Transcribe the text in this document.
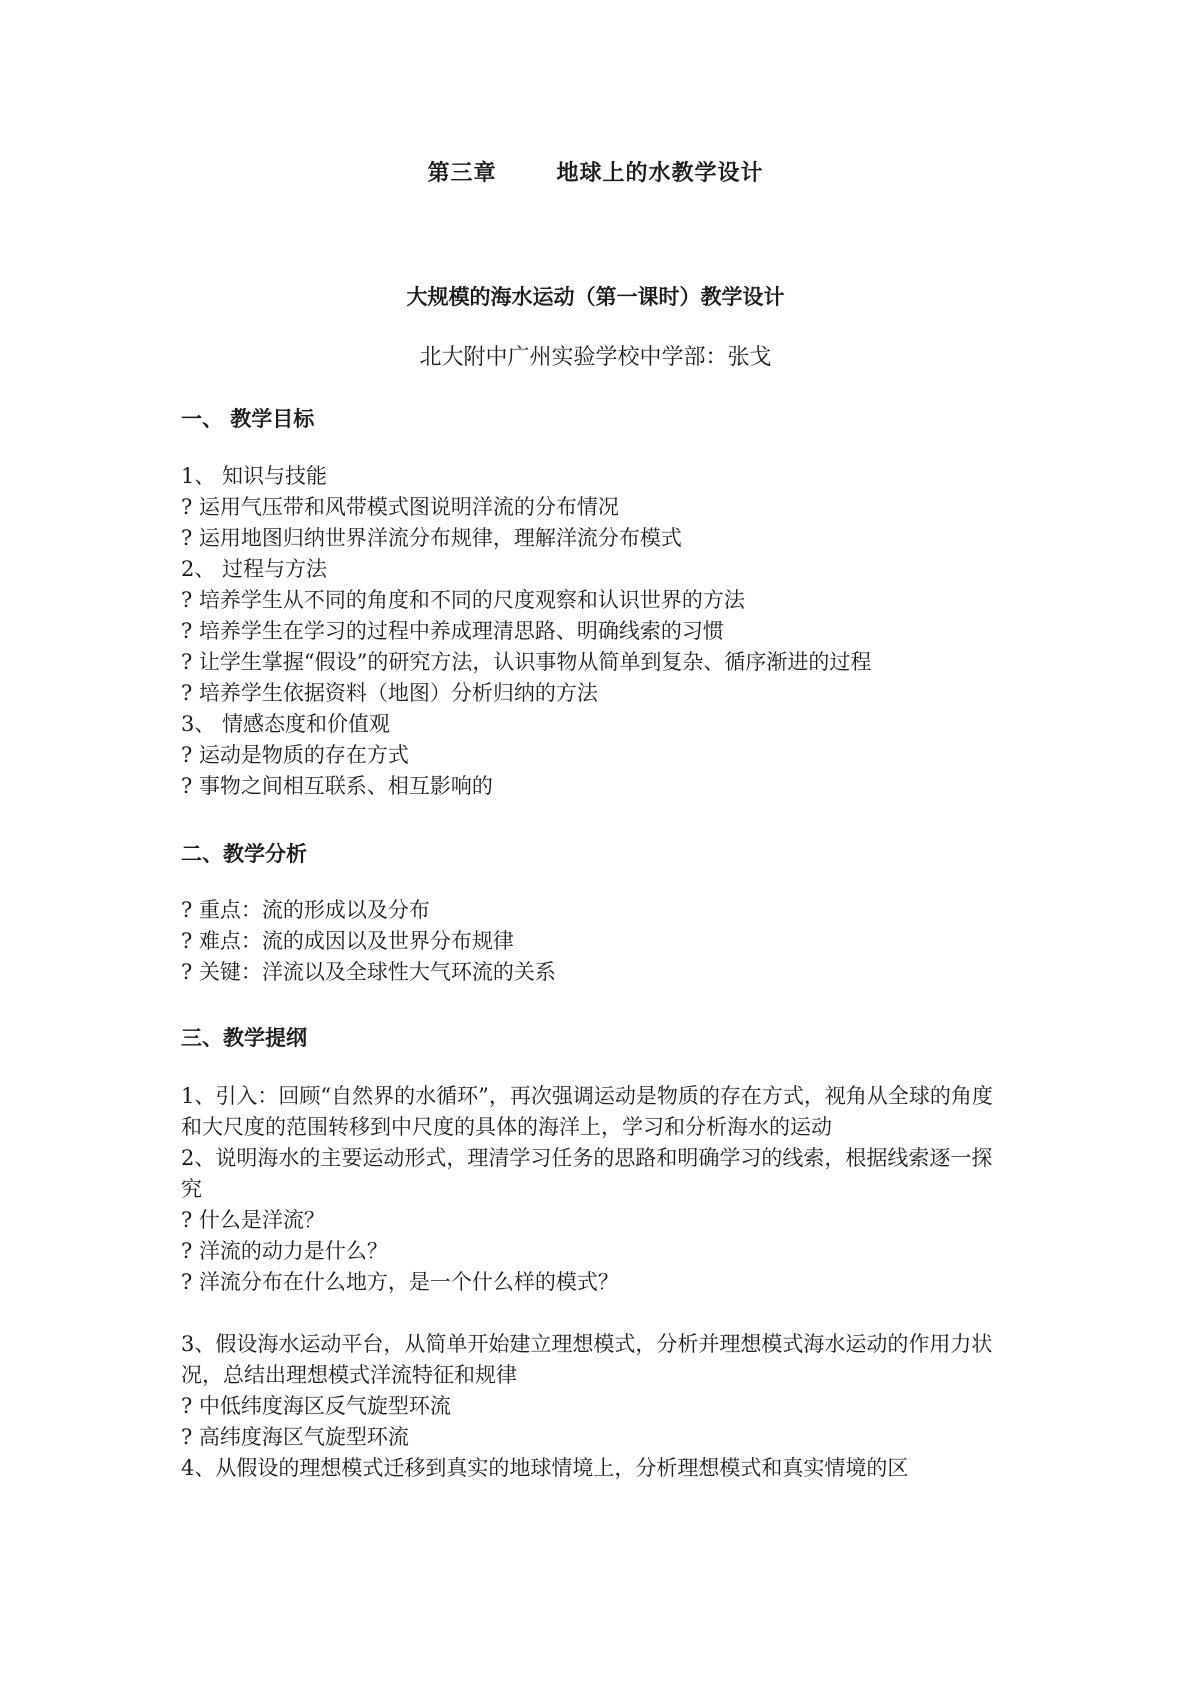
第三章	地球上的水教学设计
大规模的海水运动（第一课时）教学设计
北大附中广州实验学校中学部：张戈
一、 教学目标

1、 知识与技能

? 运用气压带和风带模式图说明洋流的分布情况

? 运用地图归纳世界洋流分布规律，理解洋流分布模式

2、 过程与方法

? 培养学生从不同的角度和不同的尺度观察和认识世界的方法

? 培养学生在学习的过程中养成理清思路、明确线索的习惯

? 让学生掌握“假设”的研究方法，认识事物从简单到复杂、循序渐进的过程

? 培养学生依据资料（地图）分析归纳的方法

3、 情感态度和价值观

? 运动是物质的存在方式

? 事物之间相互联系、相互影响的

二、教学分析

? 重点：流的形成以及分布

? 难点：流的成因以及世界分布规律

? 关键：洋流以及全球性大气环流的关系

三、教学提纲

1、引入：回顾“自然界的水循环”，再次强调运动是物质的存在方式，视角从全球的角度和大尺度的范围转移到中尺度的具体的海洋上，学习和分析海水的运动

2、说明海水的主要运动形式，理清学习任务的思路和明确学习的线索，根据线索逐一探究

? 什么是洋流？

? 洋流的动力是什么？

? 洋流分布在什么地方，是一个什么样的模式？

3、假设海水运动平台，从简单开始建立理想模式，分析并理想模式海水运动的作用力状况，总结出理想模式洋流特征和规律

? 中低纬度海区反气旋型环流

? 高纬度海区气旋型环流

4、从假设的理想模式迁移到真实的地球情境上，分析理想模式和真实情境的区
